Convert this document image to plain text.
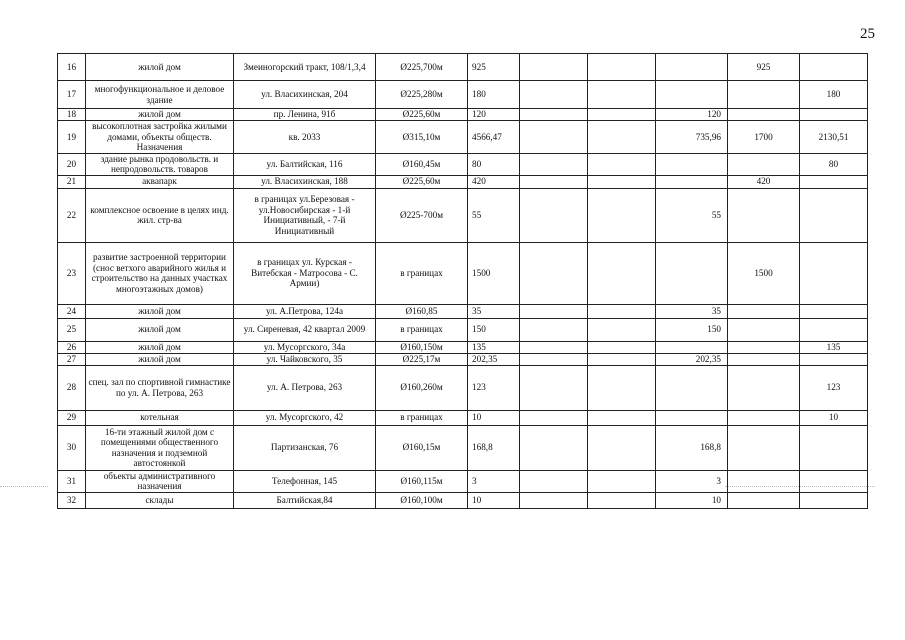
25
16	жилой дом	Змеиногорский тракт, 108/1,3,4	Ø225,700м	925				925	
17	многофункциональное и деловое здание	ул. Власихинская, 204	Ø225,280м	180					180
18	жилой дом	пр. Ленина, 91б	Ø225,60м	120			120		
19	высокоплотная застройка жилыми домами, объекты обществ. Назначения	кв. 2033	Ø315,10м	4566,47			735,96	1700	2130,51
20	здание рынка продовольств. и непродовольств. товаров	ул. Балтийская, 116	Ø160,45м	80					80
21	аквапарк	ул. Власихинская, 188	Ø225,60м	420				420	
22	комплексное освоение в целях инд. жил. стр-ва	в границах ул.Березовая - ул.Новосибирская - 1-й Инициативный, - 7-й Инициативный	Ø225-700м	55			55		
23	развитие застроенной территории (снос ветхого аварийного жилья и строительство на данных участках многоэтажных домов)	в границах ул. Курская - Витебская - Матросова - С. Армии)	в границах	1500				1500	
24	жилой дом	ул. А.Петрова, 124а	Ø160,85	35			35		
25	жилой дом	ул. Сиреневая, 42 квартал 2009	в границах	150			150		
26	жилой дом	ул. Мусоргского, 34а	Ø160,150м	135					135
27	жилой дом	ул. Чайковского, 35	Ø225,17м	202,35			202,35		
28	спец. зал по спортивной гимнастике по ул. А. Петрова, 263	ул. А. Петрова, 263	Ø160,260м	123					123
29	котельная	ул. Мусоргского, 42	в границах	10					10
30	16-ти этажный жилой дом с помещениями общественного назначения и подземной автостоянкой	Партизанская, 76	Ø160,15м	168,8			168,8		
31	объекты административного назначения	Телефонная, 145	Ø160,115м	3			3		
32	склады	Балтийская,84	Ø160,100м	10			10		
